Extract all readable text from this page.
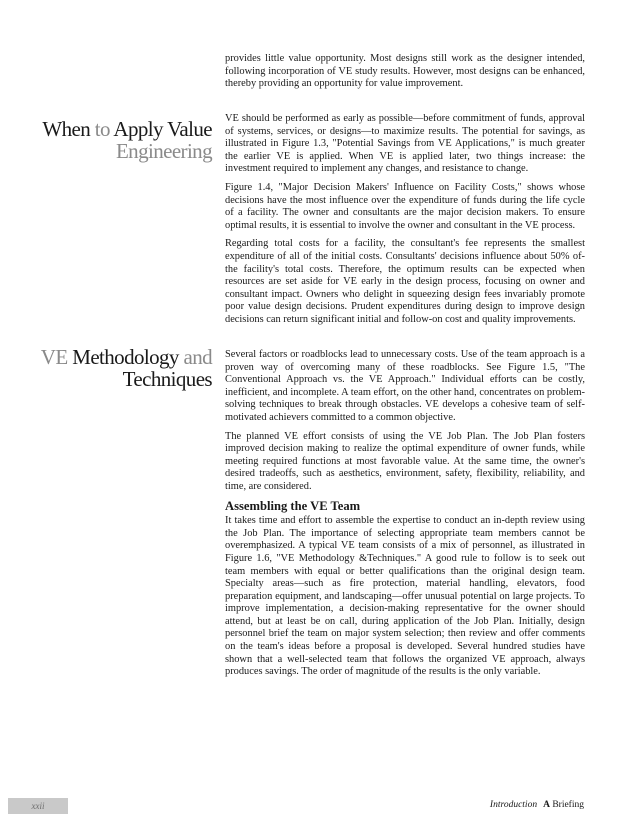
provides little value opportunity. Most designs still work as the designer intended, following incorporation of VE study results. However, most designs can be enhanced, thereby providing an opportunity for value improvement.

When to Apply Value
Engineering

VE should be performed as early as possible—before commitment of funds, approval of systems, services, or designs—to maximize results. The potential for savings, as illustrated in Figure 1.3, "Potential Savings from VE Applications," is much greater the earlier VE is applied. When VE is applied later, two things increase: the investment required to implement any changes, and resistance to change.

Figure 1.4, "Major Decision Makers' Influence on Facility Costs," shows whose decisions have the most influence over the expenditure of funds during the life cycle of a facility. The owner and consultants are the major decision makers. To ensure optimal results, it is essential to involve the owner and consultant in the VE process.

Regarding total costs for a facility, the consultant's fee represents the smallest expenditure of all of the initial costs. Consultants' decisions influence about 50% of-the facility's total costs. Therefore, the optimum results can be expected when resources are set aside for VE early in the design process, focusing on owner and consultant impact. Owners who delight in squeezing design fees invariably promote poor value design decisions. Prudent expenditures during design to improve design decisions can return significant initial and follow-on cost and quality improvements.

VE Methodology and
Techniques

Several factors or roadblocks lead to unnecessary costs. Use of the team approach is a proven way of overcoming many of these roadblocks. See Figure 1.5, "The Conventional Approach vs. the VE Approach." Individual efforts can be costly, inefficient, and incomplete. A team effort, on the other hand, concentrates on problem-solving techniques to break through obstacles. VE develops a cohesive team of self-motivated achievers committed to a common objective.

The planned VE effort consists of using the VE Job Plan. The Job Plan fosters improved decision making to realize the optimal expenditure of owner funds, while meeting required functions at most favorable value. At the same time, the owner's desired tradeoffs, such as aesthetics, environment, safety, flexibility, reliability, and time, are considered.

Assembling the VE Team

It takes time and effort to assemble the expertise to conduct an in-depth review using the Job Plan. The importance of selecting appropriate team members cannot be overemphasized. A typical VE team consists of a mix of personnel, as illustrated in Figure 1.6, "VE Methodology &Techniques." A good rule to follow is to seek out team members with equal or better qualifications than the original design team. Specialty areas—such as fire protection, material handling, elevators, food preparation equipment, and landscaping—offer unusual potential on large projects. To improve implementation, a decision-making representative for the owner should attend, but at least be on call, during application of the Job Plan. Initially, design personnel brief the team on major system selection; then review and offer comments on the team's ideas before a proposal is developed. Several hundred studies have shown that a well-selected team that follows the organized VE approach, always produces savings. The order of magnitude of the results is the only variable.

xxii	Introduction A Briefing
